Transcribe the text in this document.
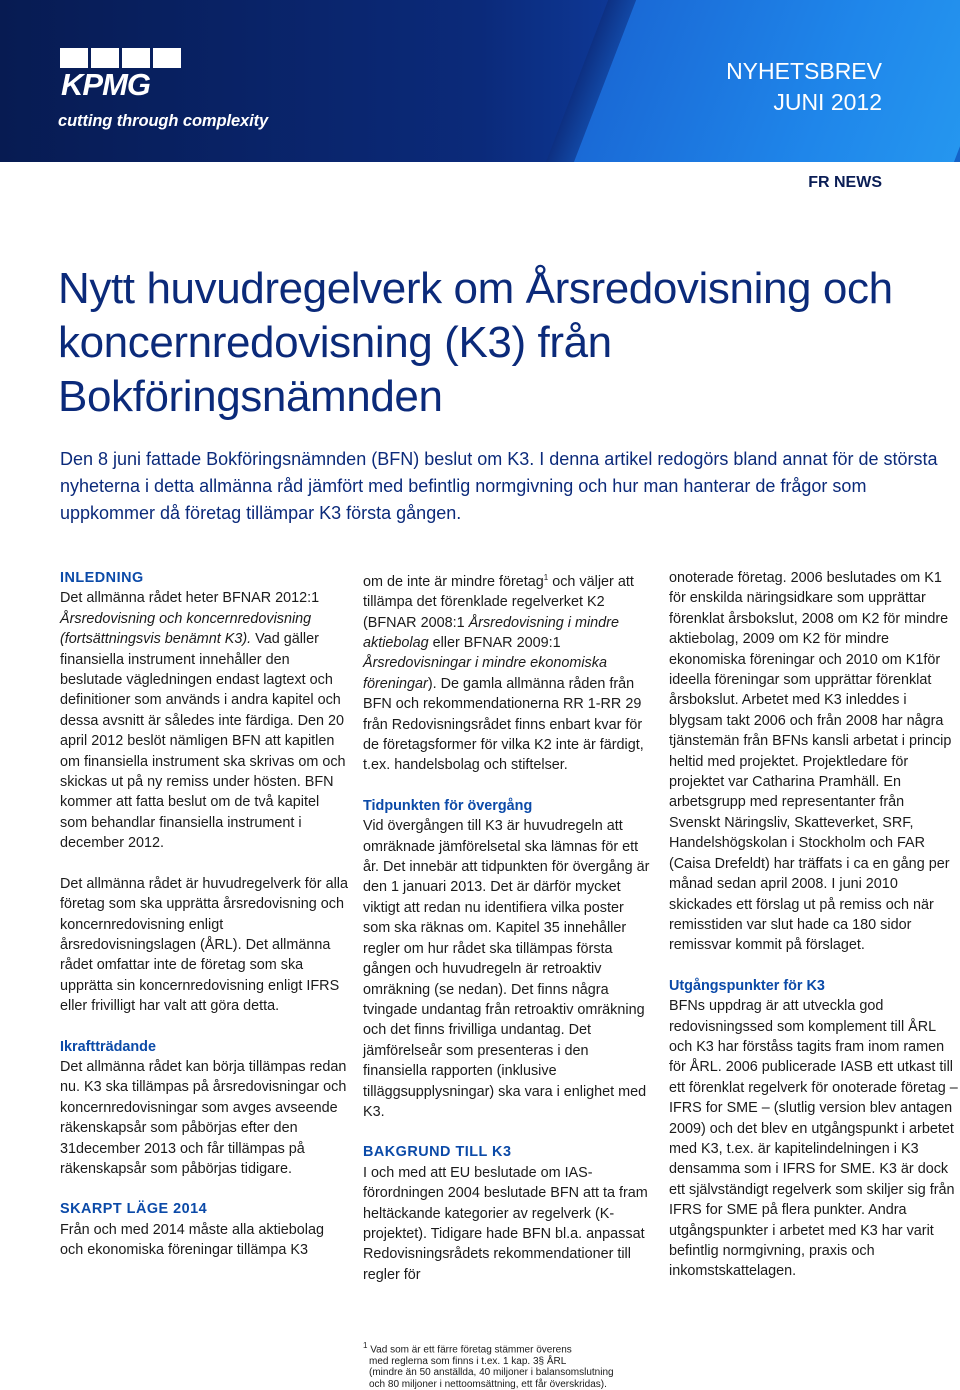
KPMG
cutting through complexity
NYHETSBREV
JUNI 2012
FR NEWS
Nytt huvudregelverk om Årsredovisning och koncernredovisning (K3) från Bokföringsnämnden

Den 8 juni fattade Bokföringsnämnden (BFN) beslut om K3. I denna artikel redogörs bland annat för de största nyheterna i detta allmänna råd jämfört med befintlig normgivning och hur man hanterar de frågor som uppkommer då företag tillämpar K3 första gången.

INLEDNING

Det allmänna rådet heter BFNAR 2012:1 Årsredovisning och koncernredovisning (fortsättningsvis benämnt K3). Vad gäller finansiella instrument innehåller den beslutade vägledningen endast lagtext och definitioner som används i andra kapitel och dessa avsnitt är således inte färdiga. Den 20 april 2012 beslöt nämligen BFN att kapitlen om finansiella instrument ska skrivas om och skickas ut på ny remiss under hösten. BFN kommer att fatta beslut om de två kapitel som behandlar finansiella instrument i december 2012.

Det allmänna rådet är huvudregelverk för alla företag som ska upprätta årsredovisning och koncernredovisning enligt årsredovisningslagen (ÅRL). Det allmänna rådet omfattar inte de företag som ska upprätta sin koncernredovisning enligt IFRS eller frivilligt har valt att göra detta.

Ikraftträdande

Det allmänna rådet kan börja tillämpas redan nu. K3 ska tillämpas på årsredovisningar och koncernredovisningar som avges avseende räkenskapsår som påbörjas efter den 31december 2013 och får tillämpas på räkenskapsår som påbörjas tidigare.

SKARPT LÄGE 2014

Från och med 2014 måste alla aktiebolag och ekonomiska föreningar tillämpa K3

om de inte är mindre företag$^1$ och väljer att tillämpa det förenklade regelverket K2 (BFNAR 2008:1 Årsredovisning i mindre aktiebolag eller BFNAR 2009:1 Årsredovisningar i mindre ekonomiska föreningar). De gamla allmänna råden från BFN och rekommendationerna RR 1-RR 29 från Redovisningsrådet finns enbart kvar för de företagsformer för vilka K2 inte är färdigt, t.ex. handelsbolag och stiftelser.

Tidpunkten för övergång

Vid övergången till K3 är huvudregeln att omräknade jämförelsetal ska lämnas för ett år. Det innebär att tidpunkten för övergång är den 1 januari 2013. Det är därför mycket viktigt att redan nu identifiera vilka poster som ska räknas om. Kapitel 35 innehåller regler om hur rådet ska tillämpas första gången och huvudregeln är retroaktiv omräkning (se nedan). Det finns några tvingade undantag från retroaktiv omräkning och det finns frivilliga undantag. Det jämförelseår som presenteras i den finansiella rapporten (inklusive tilläggsupplysningar) ska vara i enlighet med K3.

BAKGRUND TILL K3

I och med att EU beslutade om IAS-förordningen 2004 beslutade BFN att ta fram heltäckande kategorier av regelverk (K-projektet). Tidigare hade BFN bl.a. anpassat Redovisningsrådets rekommendationer till regler för

onoterade företag. 2006 beslutades om K1 för enskilda näringsidkare som upprättar förenklat årsbokslut, 2008 om K2 för mindre aktiebolag, 2009 om K2 för mindre ekonomiska föreningar och 2010 om K1för ideella föreningar som upprättar förenklat årsbokslut. Arbetet med K3 inleddes i blygsam takt 2006 och från 2008 har några tjänstemän från BFNs kansli arbetat i princip heltid med projektet. Projektledare för projektet var Catharina Pramhäll. En arbetsgrupp med representanter från Svenskt Näringsliv, Skatteverket, SRF, Handelshögskolan i Stockholm och FAR (Caisa Drefeldt) har träffats i ca en gång per månad sedan april 2008. I juni 2010 skickades ett förslag ut på remiss och när remisstiden var slut hade ca 180 sidor remissvar kommit på förslaget.

Utgångspunkter för K3

BFNs uppdrag är att utveckla god redovisningssed som komplement till ÅRL och K3 har förståss tagits fram inom ramen för ÅRL. 2006 publicerade IASB ett utkast till ett förenklat regelverk för onoterade företag – IFRS for SME – (slutlig version blev antagen 2009) och det blev en utgångspunkt i arbetet med K3, t.ex. är kapitelindelningen i K3 densamma som i IFRS for SME. K3 är dock ett självständigt regelverk som skiljer sig från IFRS for SME på flera punkter. Andra utgångspunkter i arbetet med K3 har varit befintlig normgivning, praxis och inkomstskattelagen.

$^1$ Vad som är ett färre företag stämmer överens
med reglerna som finns i t.ex. 1 kap. 3§ ÅRL
(mindre än 50 anställda, 40 miljoner i balansomslutning
och 80 miljoner i nettoomsättning, ett får överskridas).
